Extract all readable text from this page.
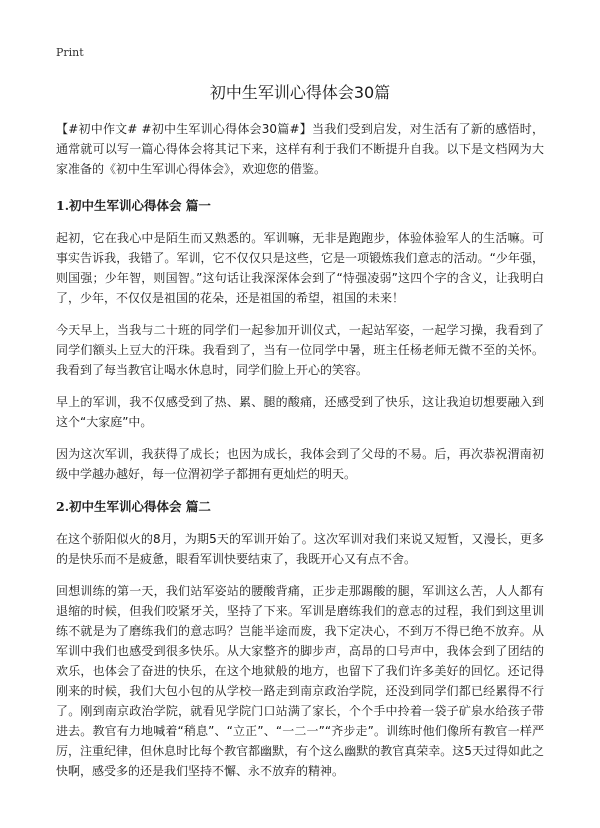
Print
初中生军训心得体会30篇

【#初中作文# #初中生军训心得体会30篇#】当我们受到启发，对生活有了新的感悟时，通常就可以写一篇心得体会将其记下来，这样有利于我们不断提升自我。以下是文档网为大家准备的《初中生军训心得体会》，欢迎您的借鉴。

1.初中生军训心得体会 篇一

起初，它在我心中是陌生而又熟悉的。军训嘛，无非是跑跑步，体验体验军人的生活嘛。可事实告诉我，我错了。军训，它不仅仅只是这些，它是一项锻炼我们意志的活动。“少年强，则国强；少年智，则国智。”这句话让我深深体会到了“恃强凌弱”这四个字的含义，让我明白了，少年，不仅仅是祖国的花朵，还是祖国的希望，祖国的未来！

今天早上，当我与二十班的同学们一起参加开训仪式，一起站军姿，一起学习操，我看到了同学们额头上豆大的汗珠。我看到了，当有一位同学中暑，班主任杨老师无微不至的关怀。我看到了每当教官让喝水休息时，同学们脸上开心的笑容。

早上的军训，我不仅感受到了热、累、腿的酸痛，还感受到了快乐，这让我迫切想要融入到这个“大家庭”中。

因为这次军训，我获得了成长；也因为成长，我体会到了父母的不易。后，再次恭祝渭南初级中学越办越好，每一位渭初学子都拥有更灿烂的明天。

2.初中生军训心得体会 篇二

在这个骄阳似火的8月，为期5天的军训开始了。这次军训对我们来说又短暂，又漫长，更多的是快乐而不是疲惫，眼看军训快要结束了，我既开心又有点不舍。

回想训练的第一天，我们站军姿站的腰酸背痛，正步走那踢酸的腿，军训这么苦，人人都有退缩的时候，但我们咬紧牙关，坚持了下来。军训是磨练我们的意志的过程，我们到这里训练不就是为了磨练我们的意志吗？岂能半途而废，我下定决心，不到万不得已绝不放弃。从军训中我们也感受到很多快乐。从大家整齐的脚步声，高昂的口号声中，我体会到了团结的欢乐，也体会了奋进的快乐，在这个地狱般的地方，也留下了我们许多美好的回忆。还记得刚来的时候，我们大包小包的从学校一路走到南京政治学院，还没到同学们都已经累得不行了。刚到南京政治学院，就看见学院门口站满了家长，个个手中拎着一袋子矿泉水给孩子带进去。教官有力地喊着“稍息”、“立正”、“一二一”“齐步走”。训练时他们像所有教官一样严厉，注重纪律，但休息时比每个教官都幽默，有个这么幽默的教官真荣幸。这5天过得如此之快啊，感受多的还是我们坚持不懈、永不放弃的精神。
